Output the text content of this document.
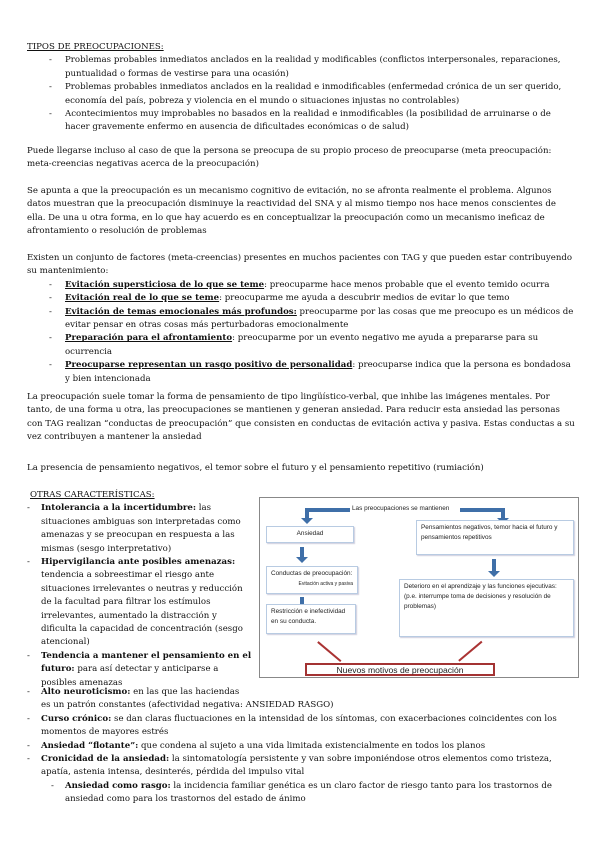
TIPOS DE PREOCUPACIONES:
- Problemas probables inmediatos anclados en la realidad y modificables (conflictos interpersonales, reparaciones, puntualidad o formas de vestirse para una ocasión)
- Problemas probables inmediatos anclados en la realidad e inmodificables (enfermedad crónica de un ser querido, economía del país, pobreza y violencia en el mundo o situaciones injustas no controlables)
- Acontecimientos muy improbables no basados en la realidad e inmodificables (la posibilidad de arruinarse o de hacer gravemente enfermo en ausencia de dificultades económicas o de salud)
Puede llegarse incluso al caso de que la persona se preocupa de su propio proceso de preocuparse (meta preocupación: meta-creencias negativas acerca de la preocupación)
Se apunta a que la preocupación es un mecanismo cognitivo de evitación, no se afronta realmente el problema. Algunos datos muestran que la preocupación disminuye la reactividad del SNA y al mismo tiempo nos hace menos conscientes de ella. De una u otra forma, en lo que hay acuerdo es en conceptualizar la preocupación como un mecanismo ineficaz de afrontamiento o resolución de problemas
Existen un conjunto de factores (meta-creencias) presentes en muchos pacientes con TAG y que pueden estar contribuyendo su mantenimiento:
- Evitación supersticiosa de lo que se teme: preocuparme hace menos probable que el evento temido ocurra
- Evitación real de lo que se teme: preocuparme me ayuda a descubrir medios de evitar lo que temo
- Evitación de temas emocionales más profundos: preocuparme por las cosas que me preocupo es un médicos de evitar pensar en otras cosas más perturbadoras emocionalmente
- Preparación para el afrontamiento: preocuparme por un evento negativo me ayuda a prepararse para su ocurrencia
- Preocuparse representan un rasgo positivo de personalidad: preocuparse indica que la persona es bondadosa y bien intencionada
La preocupación suele tomar la forma de pensamiento de tipo lingüístico-verbal, que inhibe las imágenes mentales. Por tanto, de una forma u otra, las preocupaciones se mantienen y generan ansiedad. Para reducir esta ansiedad las personas con TAG realizan “conductas de preocupación” que consisten en conductas de evitación activa y pasiva. Estas conductas a su vez contribuyen a mantener la ansiedad
La presencia de pensamiento negativos, el temor sobre el futuro y el pensamiento repetitivo (rumiación)
OTRAS CARACTERÍSTICAS:
- Intolerancia a la incertidumbre: las situaciones ambiguas son interpretadas como amenazas y se preocupan en respuesta a las mismas (sesgo interpretativo)
- Hipervigilancia ante posibles amenazas: tendencia a sobreestimar el riesgo ante situaciones irrelevantes o neutras y reducción de la facultad para filtrar los estímulos irrelevantes, aumentado la distracción y dificulta la capacidad de concentración (sesgo atencional)
- Tendencia a mantener el pensamiento en el futuro: para así detectar y anticiparse a posibles amenazas
- Alto neuroticismo: en las que las haciendas
es un patrón constantes (afectividad negativa: ANSIEDAD RASGO)
- Curso crónico: se dan claras fluctuaciones en la intensidad de los síntomas, con exacerbaciones coincidentes con los momentos de mayores estrés
- Ansiedad “flotante”: que condena al sujeto a una vida limitada existencialmente en todos los planos
- Cronicidad de la ansiedad: la sintomatología persistente y van sobre imponiéndose otros elementos como tristeza, apatía, astenia intensa, desinterés, pérdida del impulso vital
- Ansiedad como rasgo: la incidencia familiar genética es un claro factor de riesgo tanto para los trastornos de ansiedad como para los trastornos del estado de ánimo
Las preocupaciones se mantienen
Ansiedad
Pensamientos negativos, temor hacia el futuro y pensamientos repetitivos
Conductas de preocupación:
Evitación activa y pasiva
Restricción e inefectividad en su conducta.
Deterioro en el aprendizaje y las funciones ejecutivas:
(p.e. interrumpe toma de decisiones y resolución de problemas)
Nuevos motivos de preocupación
